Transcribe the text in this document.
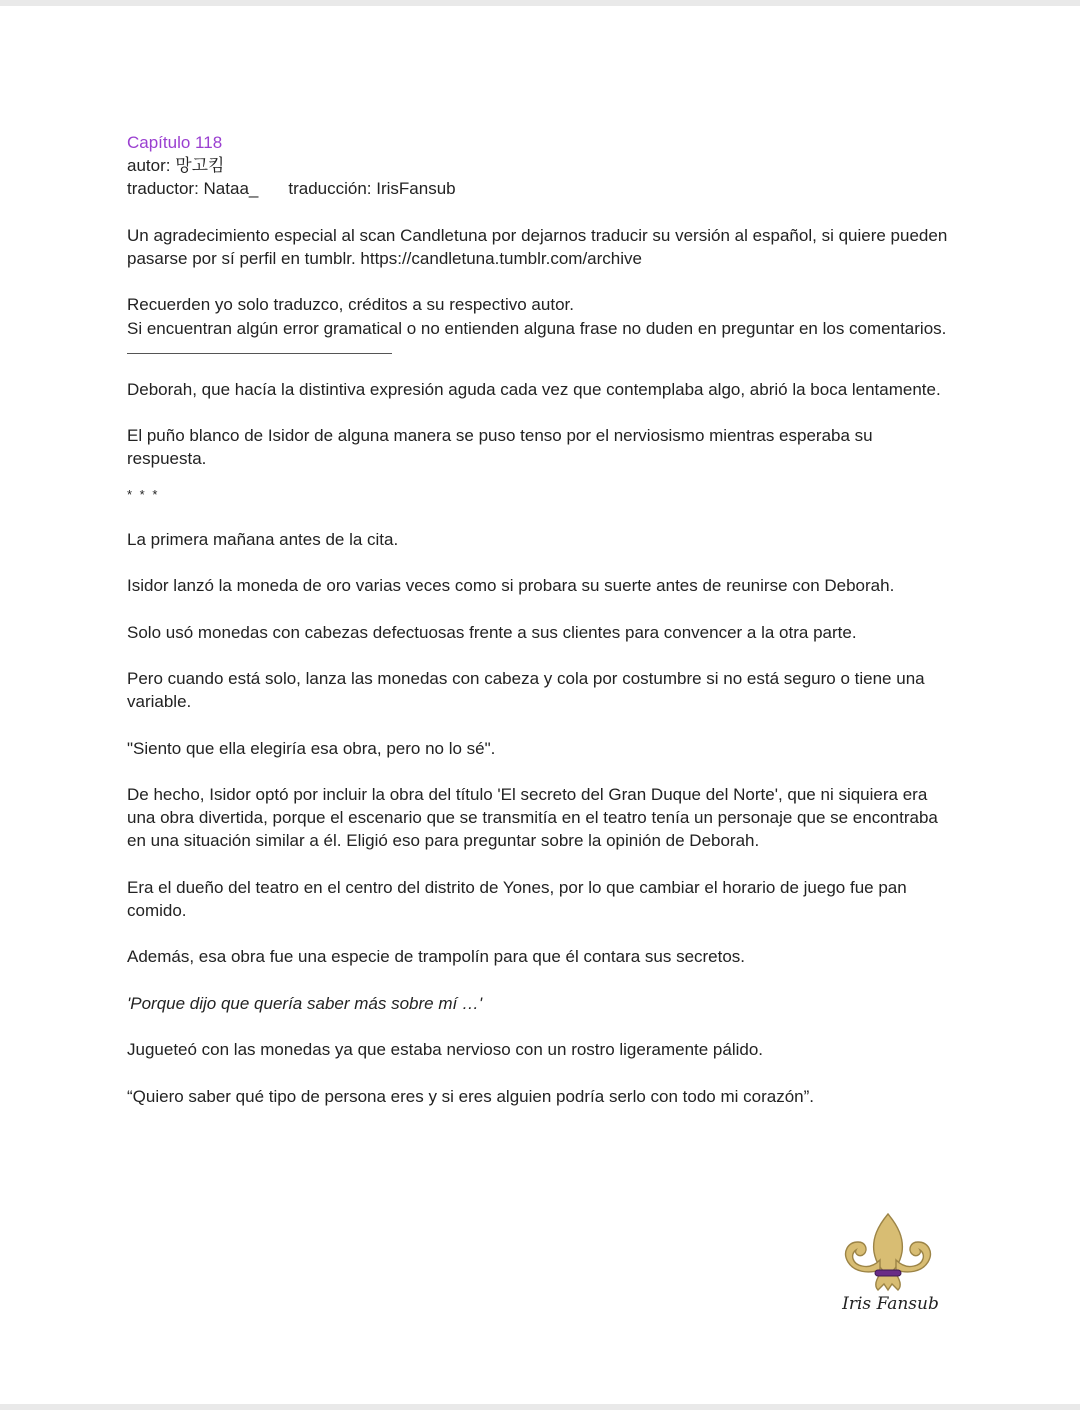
Capítulo 118

autor: 망고킴

traductor: Nataa_ traducción: IrisFansub

Un agradecimiento especial al scan Candletuna por dejarnos traducir su versión al español, si quiere pueden pasarse por sí perfil en tumblr. https://candletuna.tumblr.com/archive

Recuerden yo solo traduzco, créditos a su respectivo autor.

Si encuentran algún error gramatical o no entienden alguna frase no duden en preguntar en los comentarios.

Deborah, que hacía la distintiva expresión aguda cada vez que contemplaba algo, abrió la boca lentamente.

El puño blanco de Isidor de alguna manera se puso tenso por el nerviosismo mientras esperaba su respuesta.

* * *

La primera mañana antes de la cita.

Isidor lanzó la moneda de oro varias veces como si probara su suerte antes de reunirse con Deborah.

Solo usó monedas con cabezas defectuosas frente a sus clientes para convencer a la otra parte.

Pero cuando está solo, lanza las monedas con cabeza y cola por costumbre si no está seguro o tiene una variable.

"Siento que ella elegiría esa obra, pero no lo sé".

De hecho, Isidor optó por incluir la obra del título 'El secreto del Gran Duque del Norte', que ni siquiera era una obra divertida, porque el escenario que se transmitía en el teatro tenía un personaje que se encontraba en una situación similar a él. Eligió eso para preguntar sobre la opinión de Deborah.

Era el dueño del teatro en el centro del distrito de Yones, por lo que cambiar el horario de juego fue pan comido.

Además, esa obra fue una especie de trampolín para que él contara sus secretos.

'Porque dijo que quería saber más sobre mí …'

Jugueteó con las monedas ya que estaba nervioso con un rostro ligeramente pálido.

“Quiero saber qué tipo de persona eres y si eres alguien podría serlo con todo mi corazón”.

Iris Fansub
